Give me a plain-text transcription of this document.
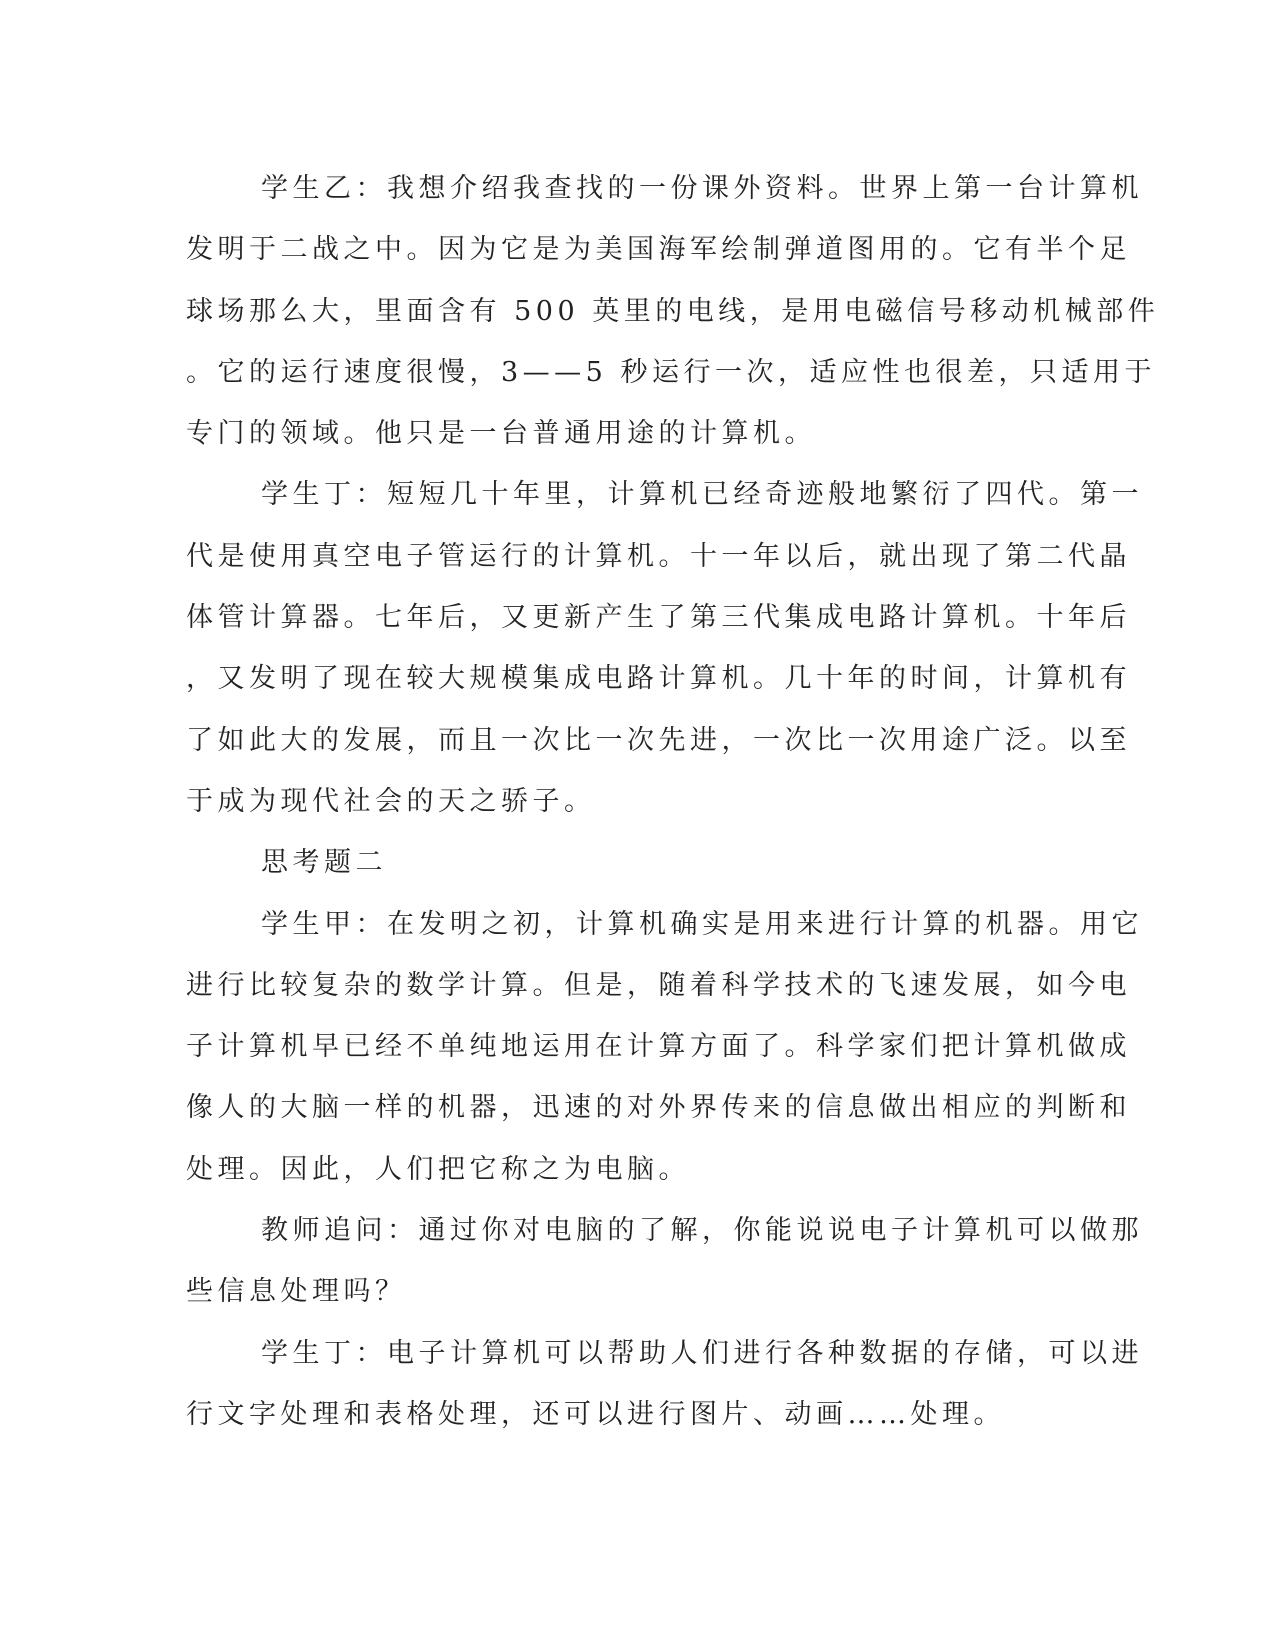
学生乙：我想介绍我查找的一份课外资料。世界上第一台计算机
发明于二战之中。因为它是为美国海军绘制弹道图用的。它有半个足
球场那么大，里面含有 500 英里的电线，是用电磁信号移动机械部件
。它的运行速度很慢，3——5 秒运行一次，适应性也很差，只适用于
专门的领域。他只是一台普通用途的计算机。
学生丁：短短几十年里，计算机已经奇迹般地繁衍了四代。第一
代是使用真空电子管运行的计算机。十一年以后，就出现了第二代晶
体管计算器。七年后，又更新产生了第三代集成电路计算机。十年后
，又发明了现在较大规模集成电路计算机。几十年的时间，计算机有
了如此大的发展，而且一次比一次先进，一次比一次用途广泛。以至
于成为现代社会的天之骄子。
思考题二
学生甲：在发明之初，计算机确实是用来进行计算的机器。用它
进行比较复杂的数学计算。但是，随着科学技术的飞速发展，如今电
子计算机早已经不单纯地运用在计算方面了。科学家们把计算机做成
像人的大脑一样的机器，迅速的对外界传来的信息做出相应的判断和
处理。因此，人们把它称之为电脑。
教师追问：通过你对电脑的了解，你能说说电子计算机可以做那
些信息处理吗？
学生丁：电子计算机可以帮助人们进行各种数据的存储，可以进
行文字处理和表格处理，还可以进行图片、动画……处理。
